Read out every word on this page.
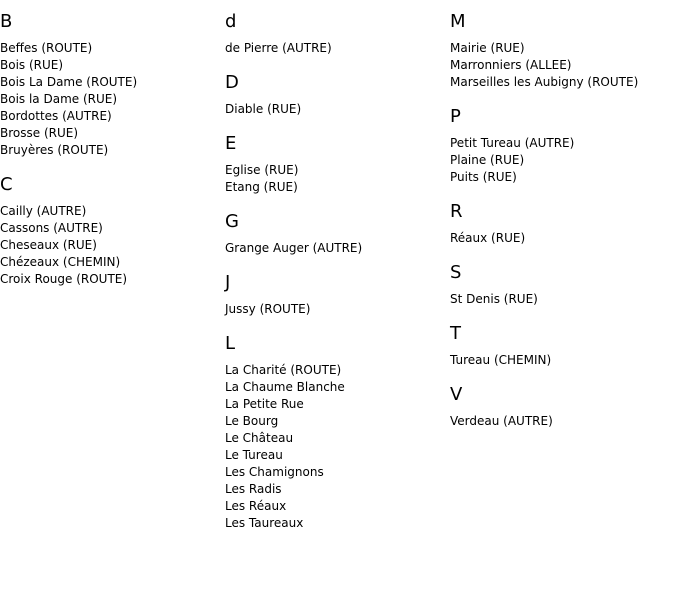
B
Beffes (ROUTE)
Bois (RUE)
Bois La Dame (ROUTE)
Bois la Dame (RUE)
Bordottes (AUTRE)
Brosse (RUE)
Bruyères (ROUTE)
C
Cailly (AUTRE)
Cassons (AUTRE)
Cheseaux (RUE)
Chézeaux (CHEMIN)
Croix Rouge (ROUTE)
d
de Pierre (AUTRE)
D
Diable (RUE)
E
Eglise (RUE)
Etang (RUE)
G
Grange Auger (AUTRE)
J
Jussy (ROUTE)
L
La Charité (ROUTE)
La Chaume Blanche
La Petite Rue
Le Bourg
Le Château
Le Tureau
Les Chamignons
Les Radis
Les Réaux
Les Taureaux
M
Mairie (RUE)
Marronniers (ALLEE)
Marseilles les Aubigny (ROUTE)
P
Petit Tureau (AUTRE)
Plaine (RUE)
Puits (RUE)
R
Réaux (RUE)
S
St Denis (RUE)
T
Tureau (CHEMIN)
V
Verdeau (AUTRE)
